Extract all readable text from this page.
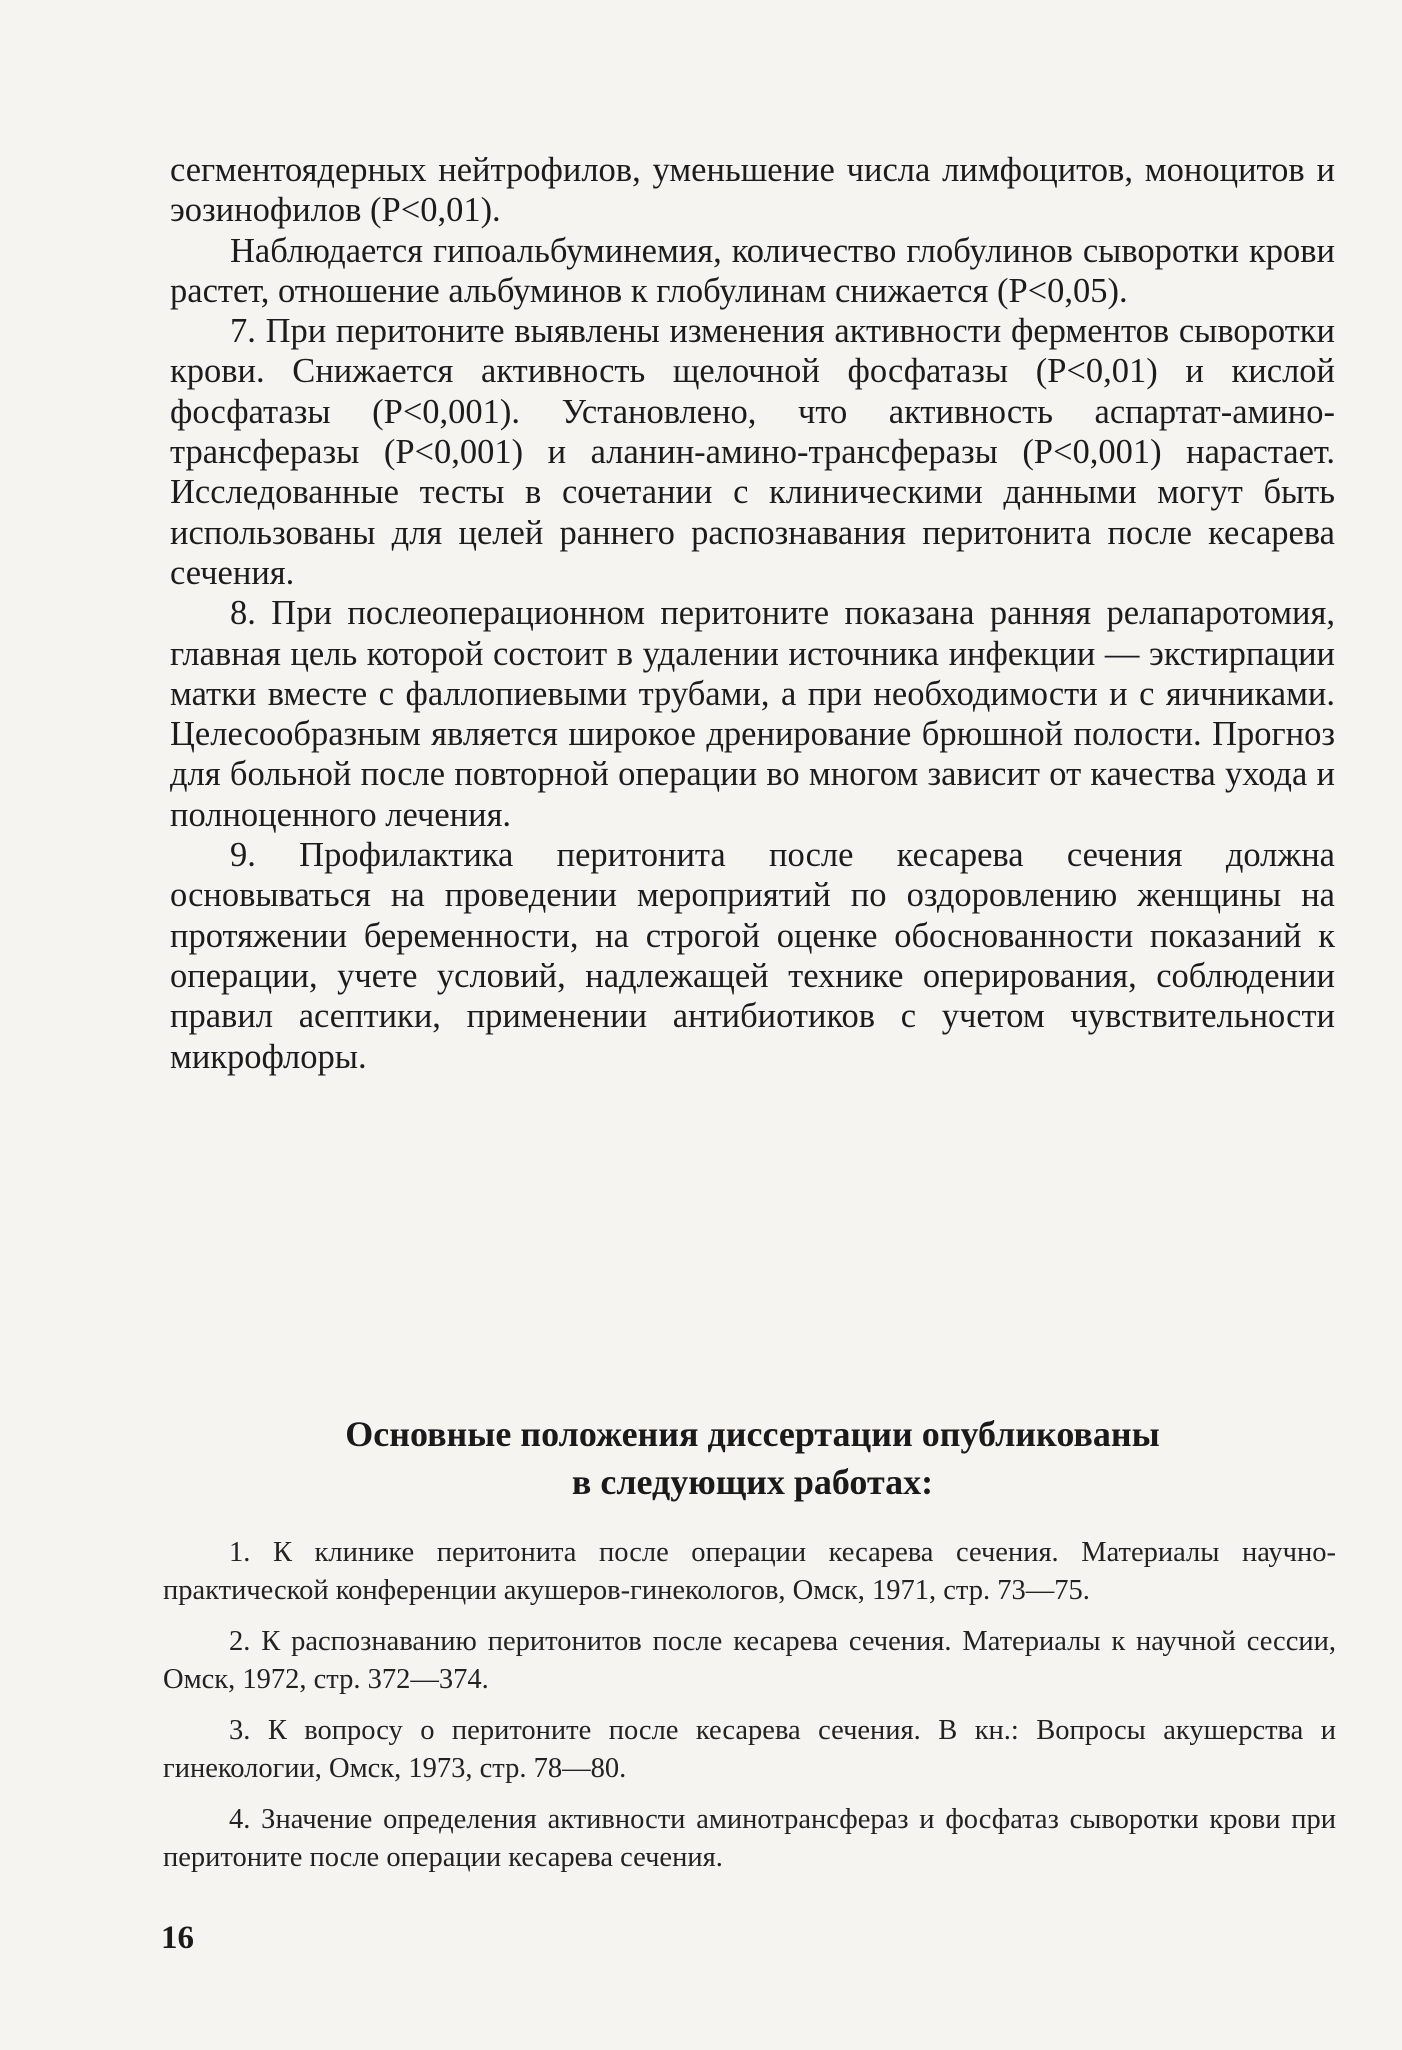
сегментоядерных нейтрофилов, уменьшение числа лимфоцитов, моноцитов и эозинофилов (Р<0,01).

Наблюдается гипоальбуминемия, количество глобулинов сыворотки крови растет, отношение альбуминов к глобулинам снижается (Р<0,05).

7. При перитоните выявлены изменения активности ферментов сыворотки крови. Снижается активность щелочной фосфатазы (Р<0,01) и кислой фосфатазы (Р<0,001). Установлено, что активность аспартат-амино-трансферазы (Р<0,001) и аланин-амино-трансферазы (Р<0,001) нарастает. Исследованные тесты в сочетании с клиническими данными могут быть использованы для целей раннего распознавания перитонита после кесарева сечения.

8. При послеоперационном перитоните показана ранняя релапаротомия, главная цель которой состоит в удалении источника инфекции — экстирпации матки вместе с фаллопиевыми трубами, а при необходимости и с яичниками. Целесообразным является широкое дренирование брюшной полости. Прогноз для больной после повторной операции во многом зависит от качества ухода и полноценного лечения.

9. Профилактика перитонита после кесарева сечения должна основываться на проведении мероприятий по оздоровлению женщины на протяжении беременности, на строгой оценке обоснованности показаний к операции, учете условий, надлежащей технике оперирования, соблюдении правил асептики, применении антибиотиков с учетом чувствительности микрофлоры.

Основные положения диссертации опубликованы
в следующих работах:

1. К клинике перитонита после операции кесарева сечения. Материалы научно-практической конференции акушеров-гинекологов, Омск, 1971, стр. 73—75.

2. К распознаванию перитонитов после кесарева сечения. Материалы к научной сессии, Омск, 1972, стр. 372—374.

3. К вопросу о перитоните после кесарева сечения. В кн.: Вопросы акушерства и гинекологии, Омск, 1973, стр. 78—80.

4. Значение определения активности аминотрансфераз и фосфатаз сыворотки крови при перитоните после операции кесарева сечения.

16
